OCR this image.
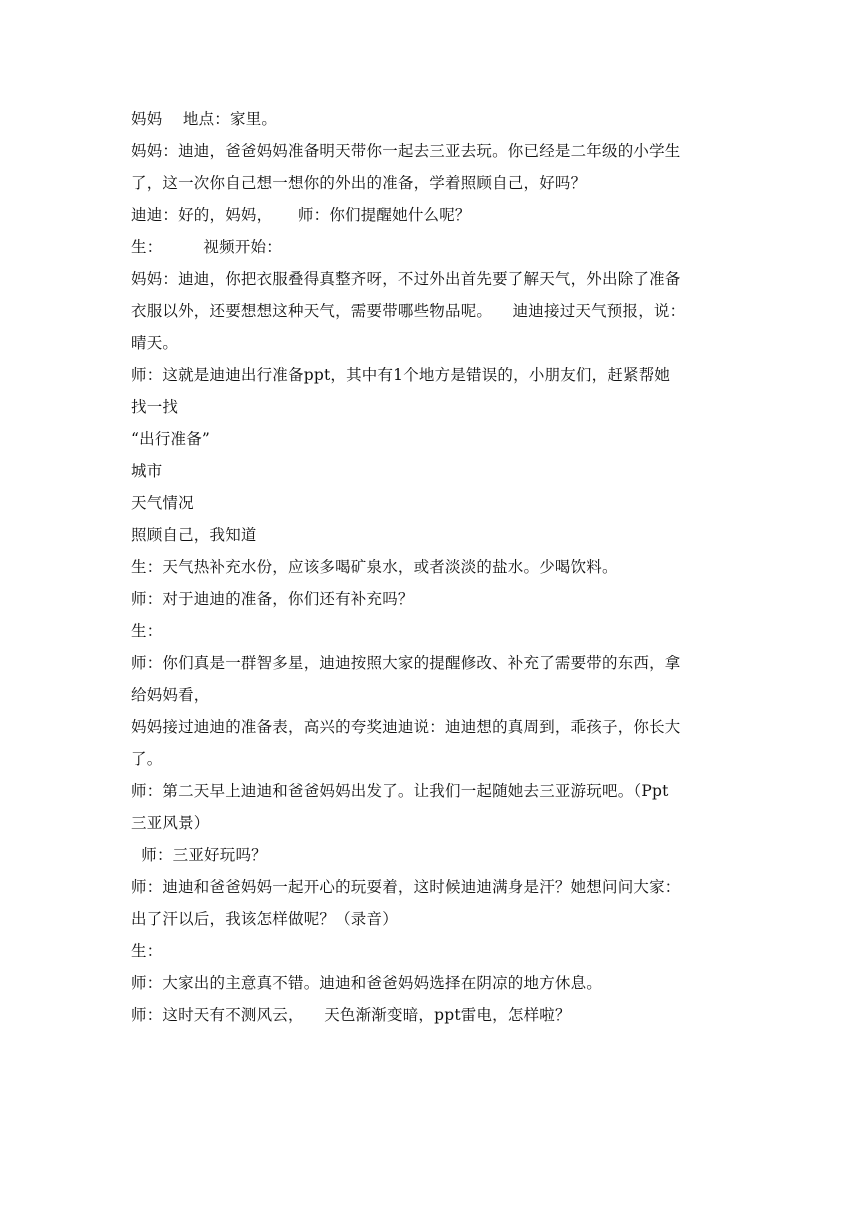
妈妈    地点：家里。
妈妈：迪迪，爸爸妈妈准备明天带你一起去三亚去玩。你已经是二年级的小学生
了，这一次你自己想一想你的外出的准备，学着照顾自己，好吗？
迪迪：好的，妈妈，     师：你们提醒她什么呢？
生：        视频开始：
妈妈：迪迪，你把衣服叠得真整齐呀，不过外出首先要了解天气，外出除了准备
衣服以外，还要想想这种天气，需要带哪些物品呢。    迪迪接过天气预报，说：
晴天。
师：这就是迪迪出行准备ppt，其中有1个地方是错误的，小朋友们，赶紧帮她
找一找
“出行准备”
城市
天气情况
照顾自己，我知道
生：天气热补充水份，应该多喝矿泉水，或者淡淡的盐水。少喝饮料。
师：对于迪迪的准备，你们还有补充吗？
生：
师：你们真是一群智多星，迪迪按照大家的提醒修改、补充了需要带的东西，拿
给妈妈看，
妈妈接过迪迪的准备表，高兴的夸奖迪迪说：迪迪想的真周到，乖孩子，你长大
了。
师：第二天早上迪迪和爸爸妈妈出发了。让我们一起随她去三亚游玩吧。（Ppt
三亚风景）
师：三亚好玩吗？
师：迪迪和爸爸妈妈一起开心的玩耍着，这时候迪迪满身是汗？她想问问大家：
出了汗以后，我该怎样做呢？（录音）
生：
师：大家出的主意真不错。迪迪和爸爸妈妈选择在阴凉的地方休息。
师：这时天有不测风云，    天色渐渐变暗，ppt雷电，怎样啦？
